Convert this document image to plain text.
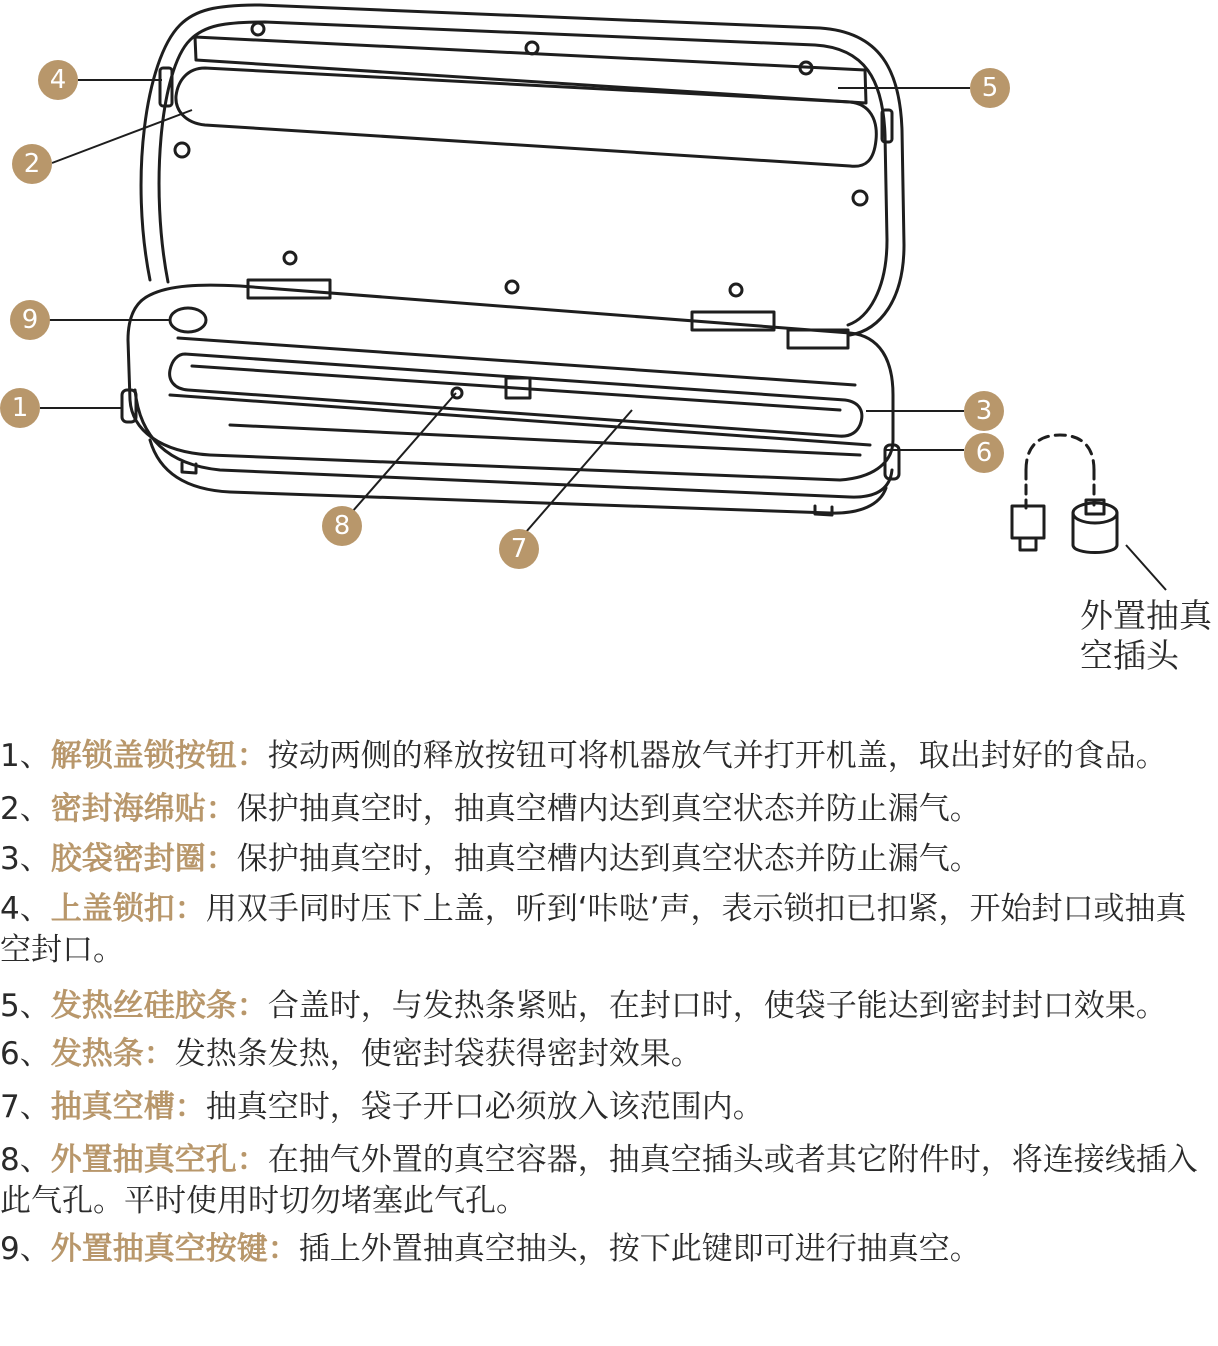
4
2
5
9
1	3
6
8
7
外置抽真
空插头
1、解锁盖锁按钮：按动两侧的释放按钮可将机器放气并打开机盖，取出封好的食品。
2、密封海绵贴：保护抽真空时，抽真空槽内达到真空状态并防止漏气。
3、胶袋密封圈：保护抽真空时，抽真空槽内达到真空状态并防止漏气。
4、上盖锁扣：用双手同时压下上盖，听到‘咔哒’声，表示锁扣已扣紧，开始封口或抽真空封口。
5、发热丝硅胶条：合盖时，与发热条紧贴，在封口时，使袋子能达到密封封口效果。
6、发热条：发热条发热，使密封袋获得密封效果。
7、抽真空槽：抽真空时，袋子开口必须放入该范围内。
8、外置抽真空孔：在抽气外置的真空容器，抽真空插头或者其它附件时，将连接线插入此气孔。平时使用时切勿堵塞此气孔。
9、外置抽真空按键：插上外置抽真空抽头，按下此键即可进行抽真空。
